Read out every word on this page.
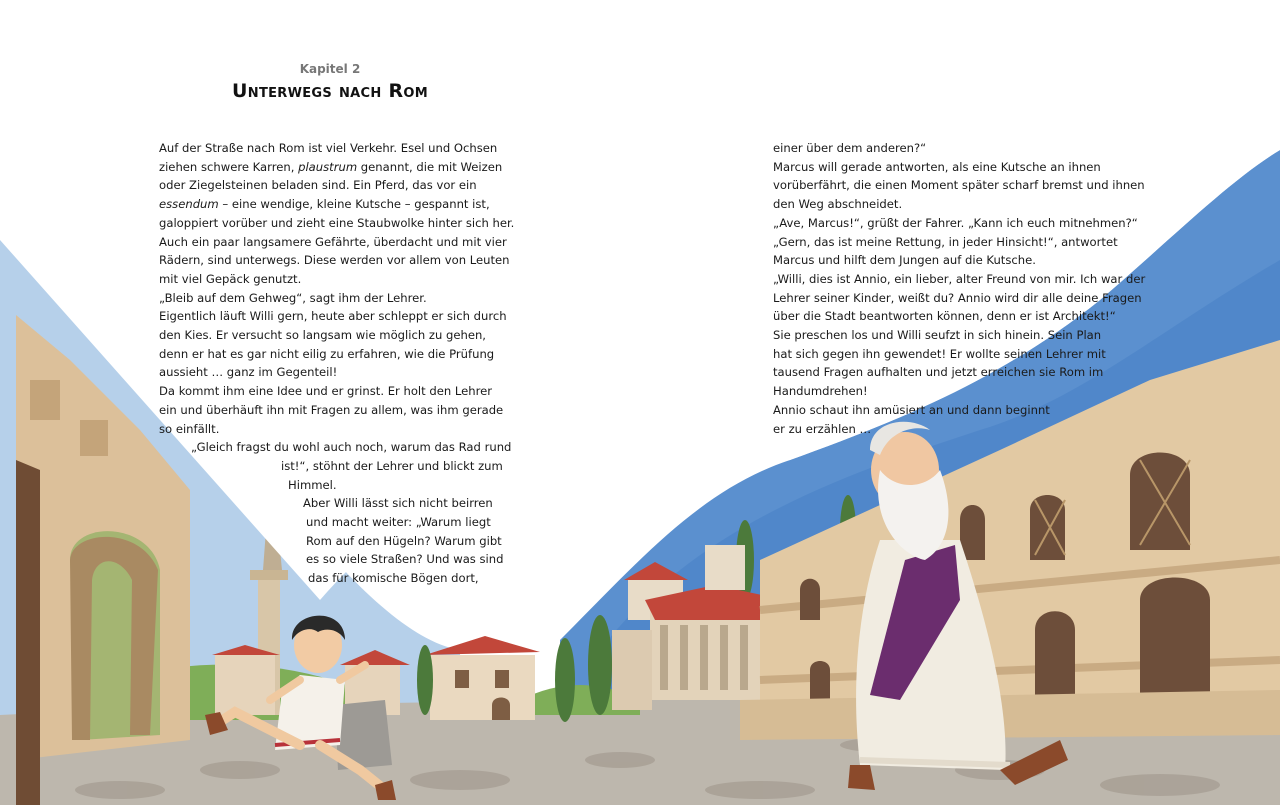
Kapitel 2
Unterwegs nach Rom
Auf der Straße nach Rom ist viel Verkehr. Esel und Ochsen
ziehen schwere Karren, plaustrum genannt, die mit Weizen
oder Ziegelsteinen beladen sind. Ein Pferd, das vor ein
essendum – eine wendige, kleine Kutsche – gespannt ist,
galoppiert vorüber und zieht eine Staubwolke hinter sich her.
Auch ein paar langsamere Gefährte, überdacht und mit vier
Rädern, sind unterwegs. Diese werden vor allem von Leuten
mit viel Gepäck genutzt.
„Bleib auf dem Gehweg“, sagt ihm der Lehrer.
Eigentlich läuft Willi gern, heute aber schleppt er sich durch
den Kies. Er versucht so langsam wie möglich zu gehen,
denn er hat es gar nicht eilig zu erfahren, wie die Prüfung
aussieht … ganz im Gegenteil!
Da kommt ihm eine Idee und er grinst. Er holt den Lehrer
ein und überhäuft ihn mit Fragen zu allem, was ihm gerade
so einfällt.
„Gleich fragst du wohl auch noch, warum das Rad rund
ist!“, stöhnt der Lehrer und blickt zum
Himmel.
Aber Willi lässt sich nicht beirren
und macht weiter: „Warum liegt
Rom auf den Hügeln? Warum gibt
es so viele Straßen? Und was sind
das für komische Bögen dort,
einer über dem anderen?“
Marcus will gerade antworten, als eine Kutsche an ihnen
vorüberfährt, die einen Moment später scharf bremst und ihnen
den Weg abschneidet.
„Ave, Marcus!“, grüßt der Fahrer. „Kann ich euch mitnehmen?“
„Gern, das ist meine Rettung, in jeder Hinsicht!“, antwortet
Marcus und hilft dem Jungen auf die Kutsche.
„Willi, dies ist Annio, ein lieber, alter Freund von mir. Ich war der
Lehrer seiner Kinder, weißt du? Annio wird dir alle deine Fragen
über die Stadt beantworten können, denn er ist Architekt!“
Sie preschen los und Willi seufzt in sich hinein. Sein Plan
hat sich gegen ihn gewendet! Er wollte seinen Lehrer mit
tausend Fragen aufhalten und jetzt erreichen sie Rom im
Handumdrehen!
Annio schaut ihn amüsiert an und dann beginnt
er zu erzählen …
